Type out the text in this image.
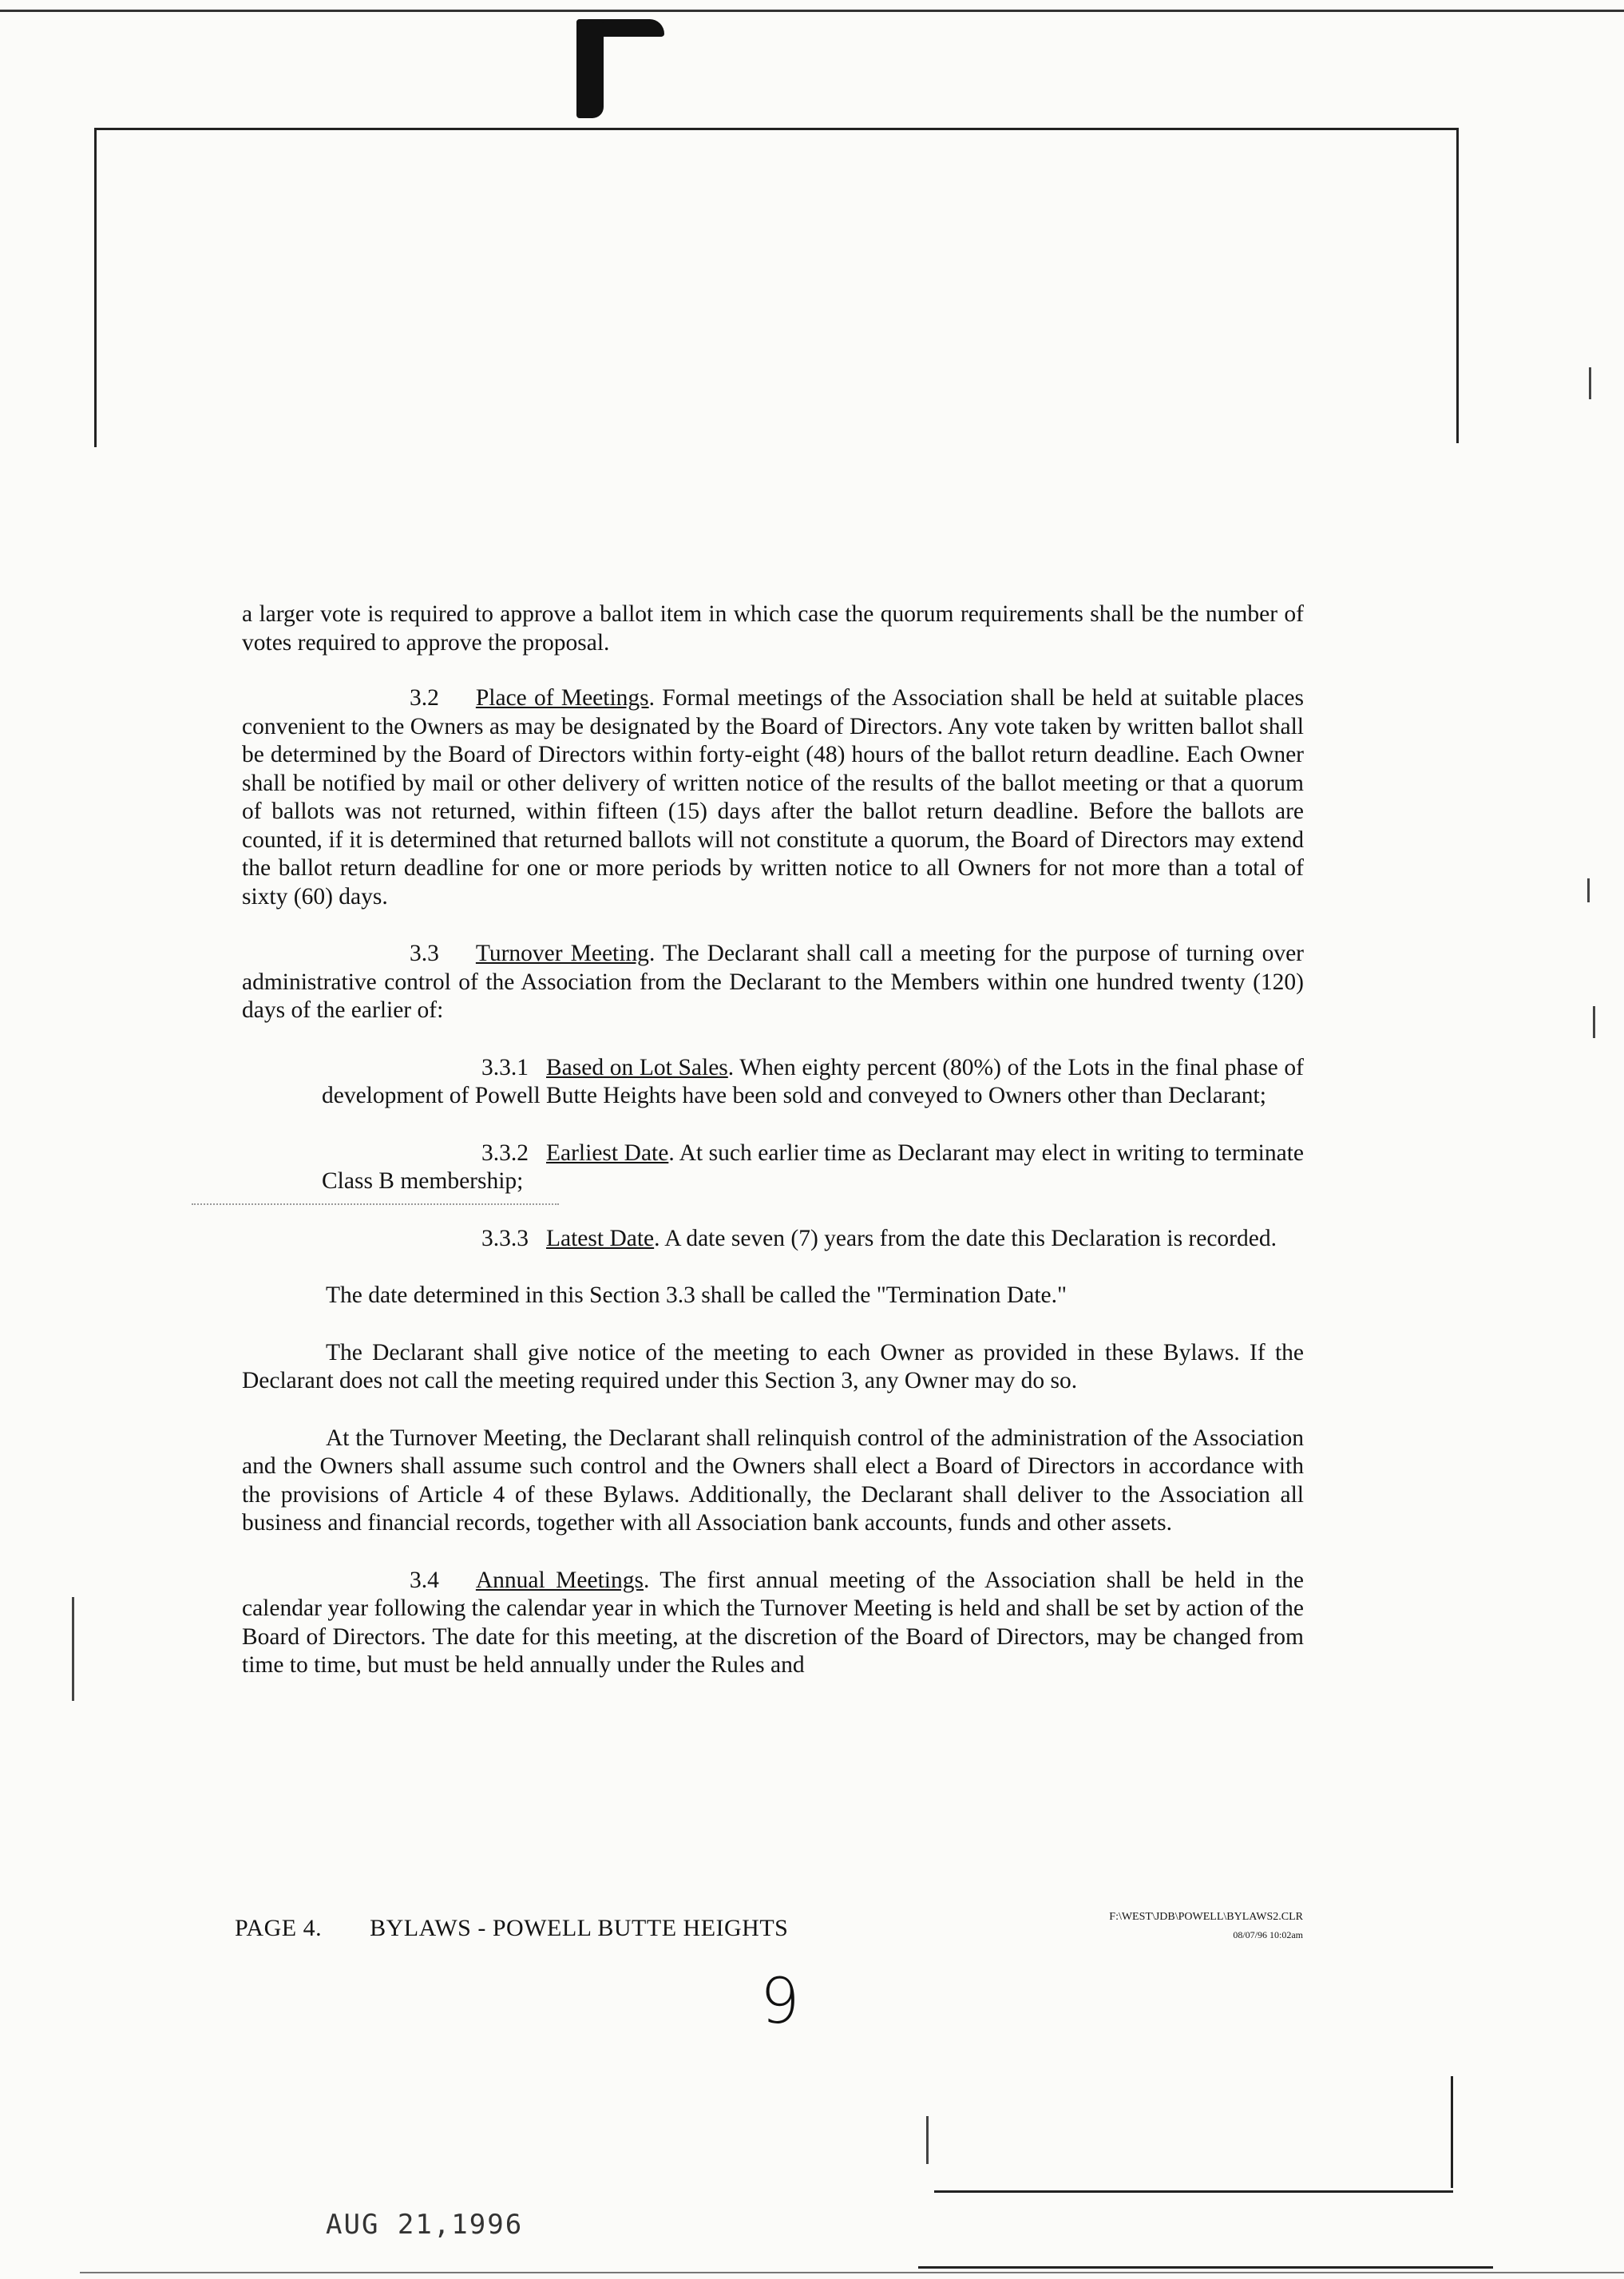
a larger vote is required to approve a ballot item in which case the quorum requirements shall be the number of votes required to approve the proposal.

3.2 Place of Meetings. Formal meetings of the Association shall be held at suitable places convenient to the Owners as may be designated by the Board of Directors. Any vote taken by written ballot shall be determined by the Board of Directors within forty-eight (48) hours of the ballot return deadline. Each Owner shall be notified by mail or other delivery of written notice of the results of the ballot meeting or that a quorum of ballots was not returned, within fifteen (15) days after the ballot return deadline. Before the ballots are counted, if it is determined that returned ballots will not constitute a quorum, the Board of Directors may extend the ballot return deadline for one or more periods by written notice to all Owners for not more than a total of sixty (60) days.

3.3 Turnover Meeting. The Declarant shall call a meeting for the purpose of turning over administrative control of the Association from the Declarant to the Members within one hundred twenty (120) days of the earlier of:

3.3.1 Based on Lot Sales. When eighty percent (80%) of the Lots in the final phase of development of Powell Butte Heights have been sold and conveyed to Owners other than Declarant;

3.3.2 Earliest Date. At such earlier time as Declarant may elect in writing to terminate Class B membership;

3.3.3 Latest Date. A date seven (7) years from the date this Declaration is recorded.

The date determined in this Section 3.3 shall be called the "Termination Date."

The Declarant shall give notice of the meeting to each Owner as provided in these Bylaws. If the Declarant does not call the meeting required under this Section 3, any Owner may do so.

At the Turnover Meeting, the Declarant shall relinquish control of the administration of the Association and the Owners shall assume such control and the Owners shall elect a Board of Directors in accordance with the provisions of Article 4 of these Bylaws. Additionally, the Declarant shall deliver to the Association all business and financial records, together with all Association bank accounts, funds and other assets.

3.4 Annual Meetings. The first annual meeting of the Association shall be held in the calendar year following the calendar year in which the Turnover Meeting is held and shall be set by action of the Board of Directors. The date for this meeting, at the discretion of the Board of Directors, may be changed from time to time, but must be held annually under the Rules and

PAGE 4. BYLAWS - POWELL BUTTE HEIGHTS	F:\WEST\JDB\POWELL\BYLAWS2.CLR
08/07/96 10:02am
9
AUG 21,1996
